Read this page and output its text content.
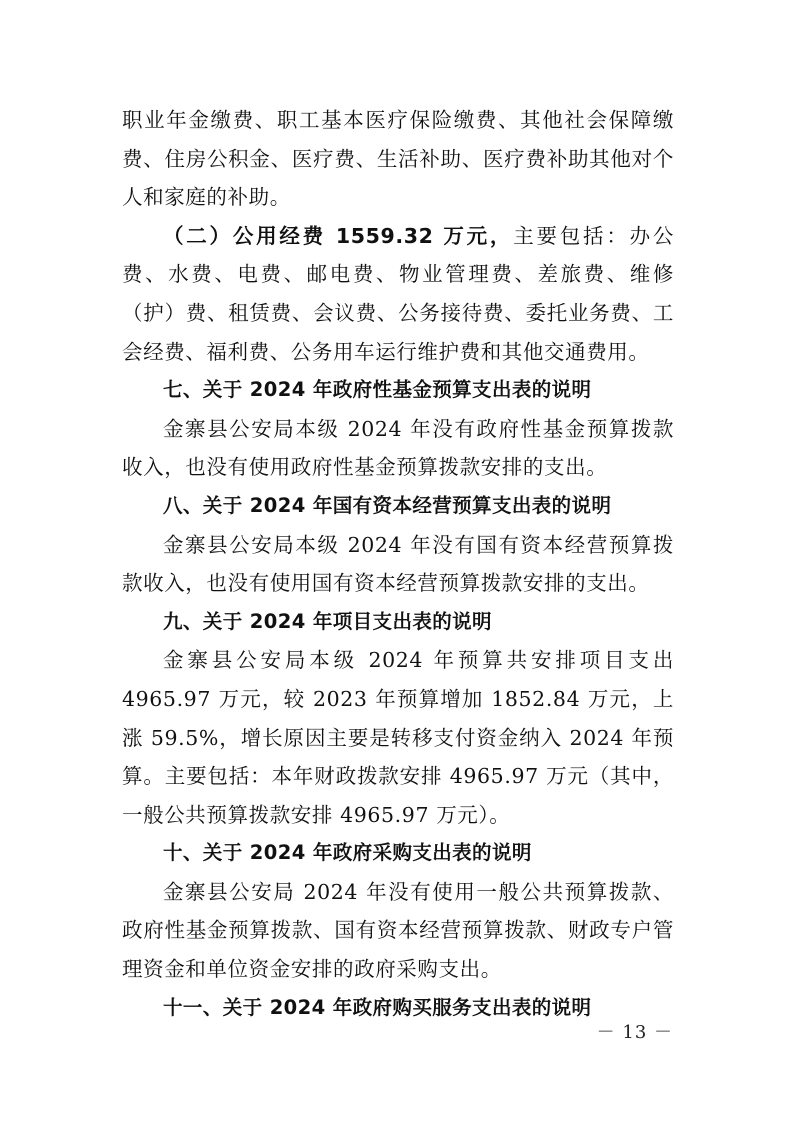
职业年金缴费、职工基本医疗保险缴费、其他社会保障缴费、住房公积金、医疗费、生活补助、医疗费补助其他对个人和家庭的补助。

（二）公用经费 1559.32 万元，主要包括：办公费、水费、电费、邮电费、物业管理费、差旅费、维修（护）费、租赁费、会议费、公务接待费、委托业务费、工会经费、福利费、公务用车运行维护费和其他交通费用。

七、关于 2024 年政府性基金预算支出表的说明

金寨县公安局本级 2024 年没有政府性基金预算拨款收入，也没有使用政府性基金预算拨款安排的支出。

八、关于 2024 年国有资本经营预算支出表的说明

金寨县公安局本级 2024 年没有国有资本经营预算拨款收入，也没有使用国有资本经营预算拨款安排的支出。

九、关于 2024 年项目支出表的说明

金寨县公安局本级 2024 年预算共安排项目支出 4965.97 万元，较 2023 年预算增加 1852.84 万元，上涨 59.5%，增长原因主要是转移支付资金纳入 2024 年预算。主要包括：本年财政拨款安排 4965.97 万元（其中，一般公共预算拨款安排 4965.97 万元）。

十、关于 2024 年政府采购支出表的说明

金寨县公安局 2024 年没有使用一般公共预算拨款、政府性基金预算拨款、国有资本经营预算拨款、财政专户管理资金和单位资金安排的政府采购支出。

十一、关于 2024 年政府购买服务支出表的说明

－ 13 －
